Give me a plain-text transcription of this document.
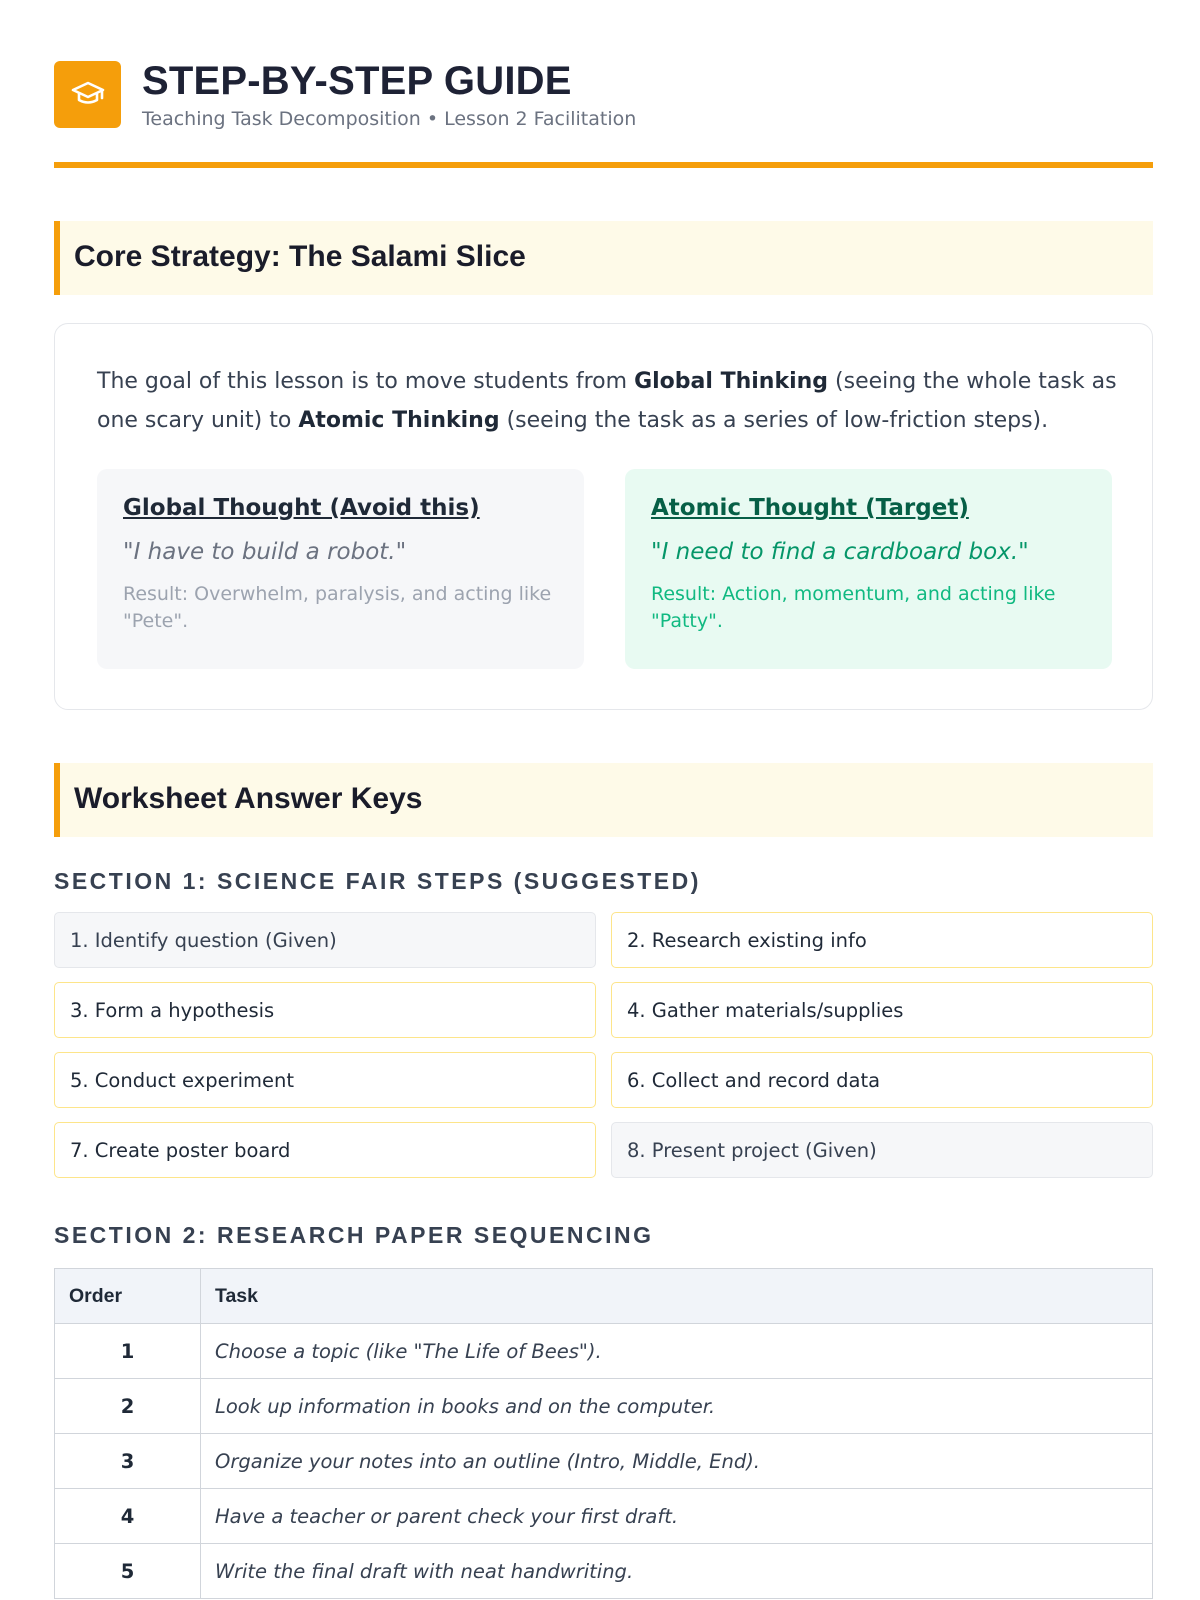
STEP-BY-STEP GUIDE
Teaching Task Decomposition • Lesson 2 Facilitation
Core Strategy: The Salami Slice

The goal of this lesson is to move students from Global Thinking (seeing the whole task as one scary unit) to Atomic Thinking (seeing the task as a series of low-friction steps).

Global Thought (Avoid this)
"I have to build a robot."
Result: Overwhelm, paralysis, and acting like "Pete".
Atomic Thought (Target)
"I need to find a cardboard box."
Result: Action, momentum, and acting like "Patty".
Worksheet Answer Keys
SECTION 1: SCIENCE FAIR STEPS (SUGGESTED)
1. Identify question (Given)	2. Research existing info
3. Form a hypothesis	4. Gather materials/supplies
5. Conduct experiment	6. Collect and record data
7. Create poster board	8. Present project (Given)
SECTION 2: RESEARCH PAPER SEQUENCING
Order	Task
1	Choose a topic (like "The Life of Bees").
2	Look up information in books and on the computer.
3	Organize your notes into an outline (Intro, Middle, End).
4	Have a teacher or parent check your first draft.
5	Write the final draft with neat handwriting.
